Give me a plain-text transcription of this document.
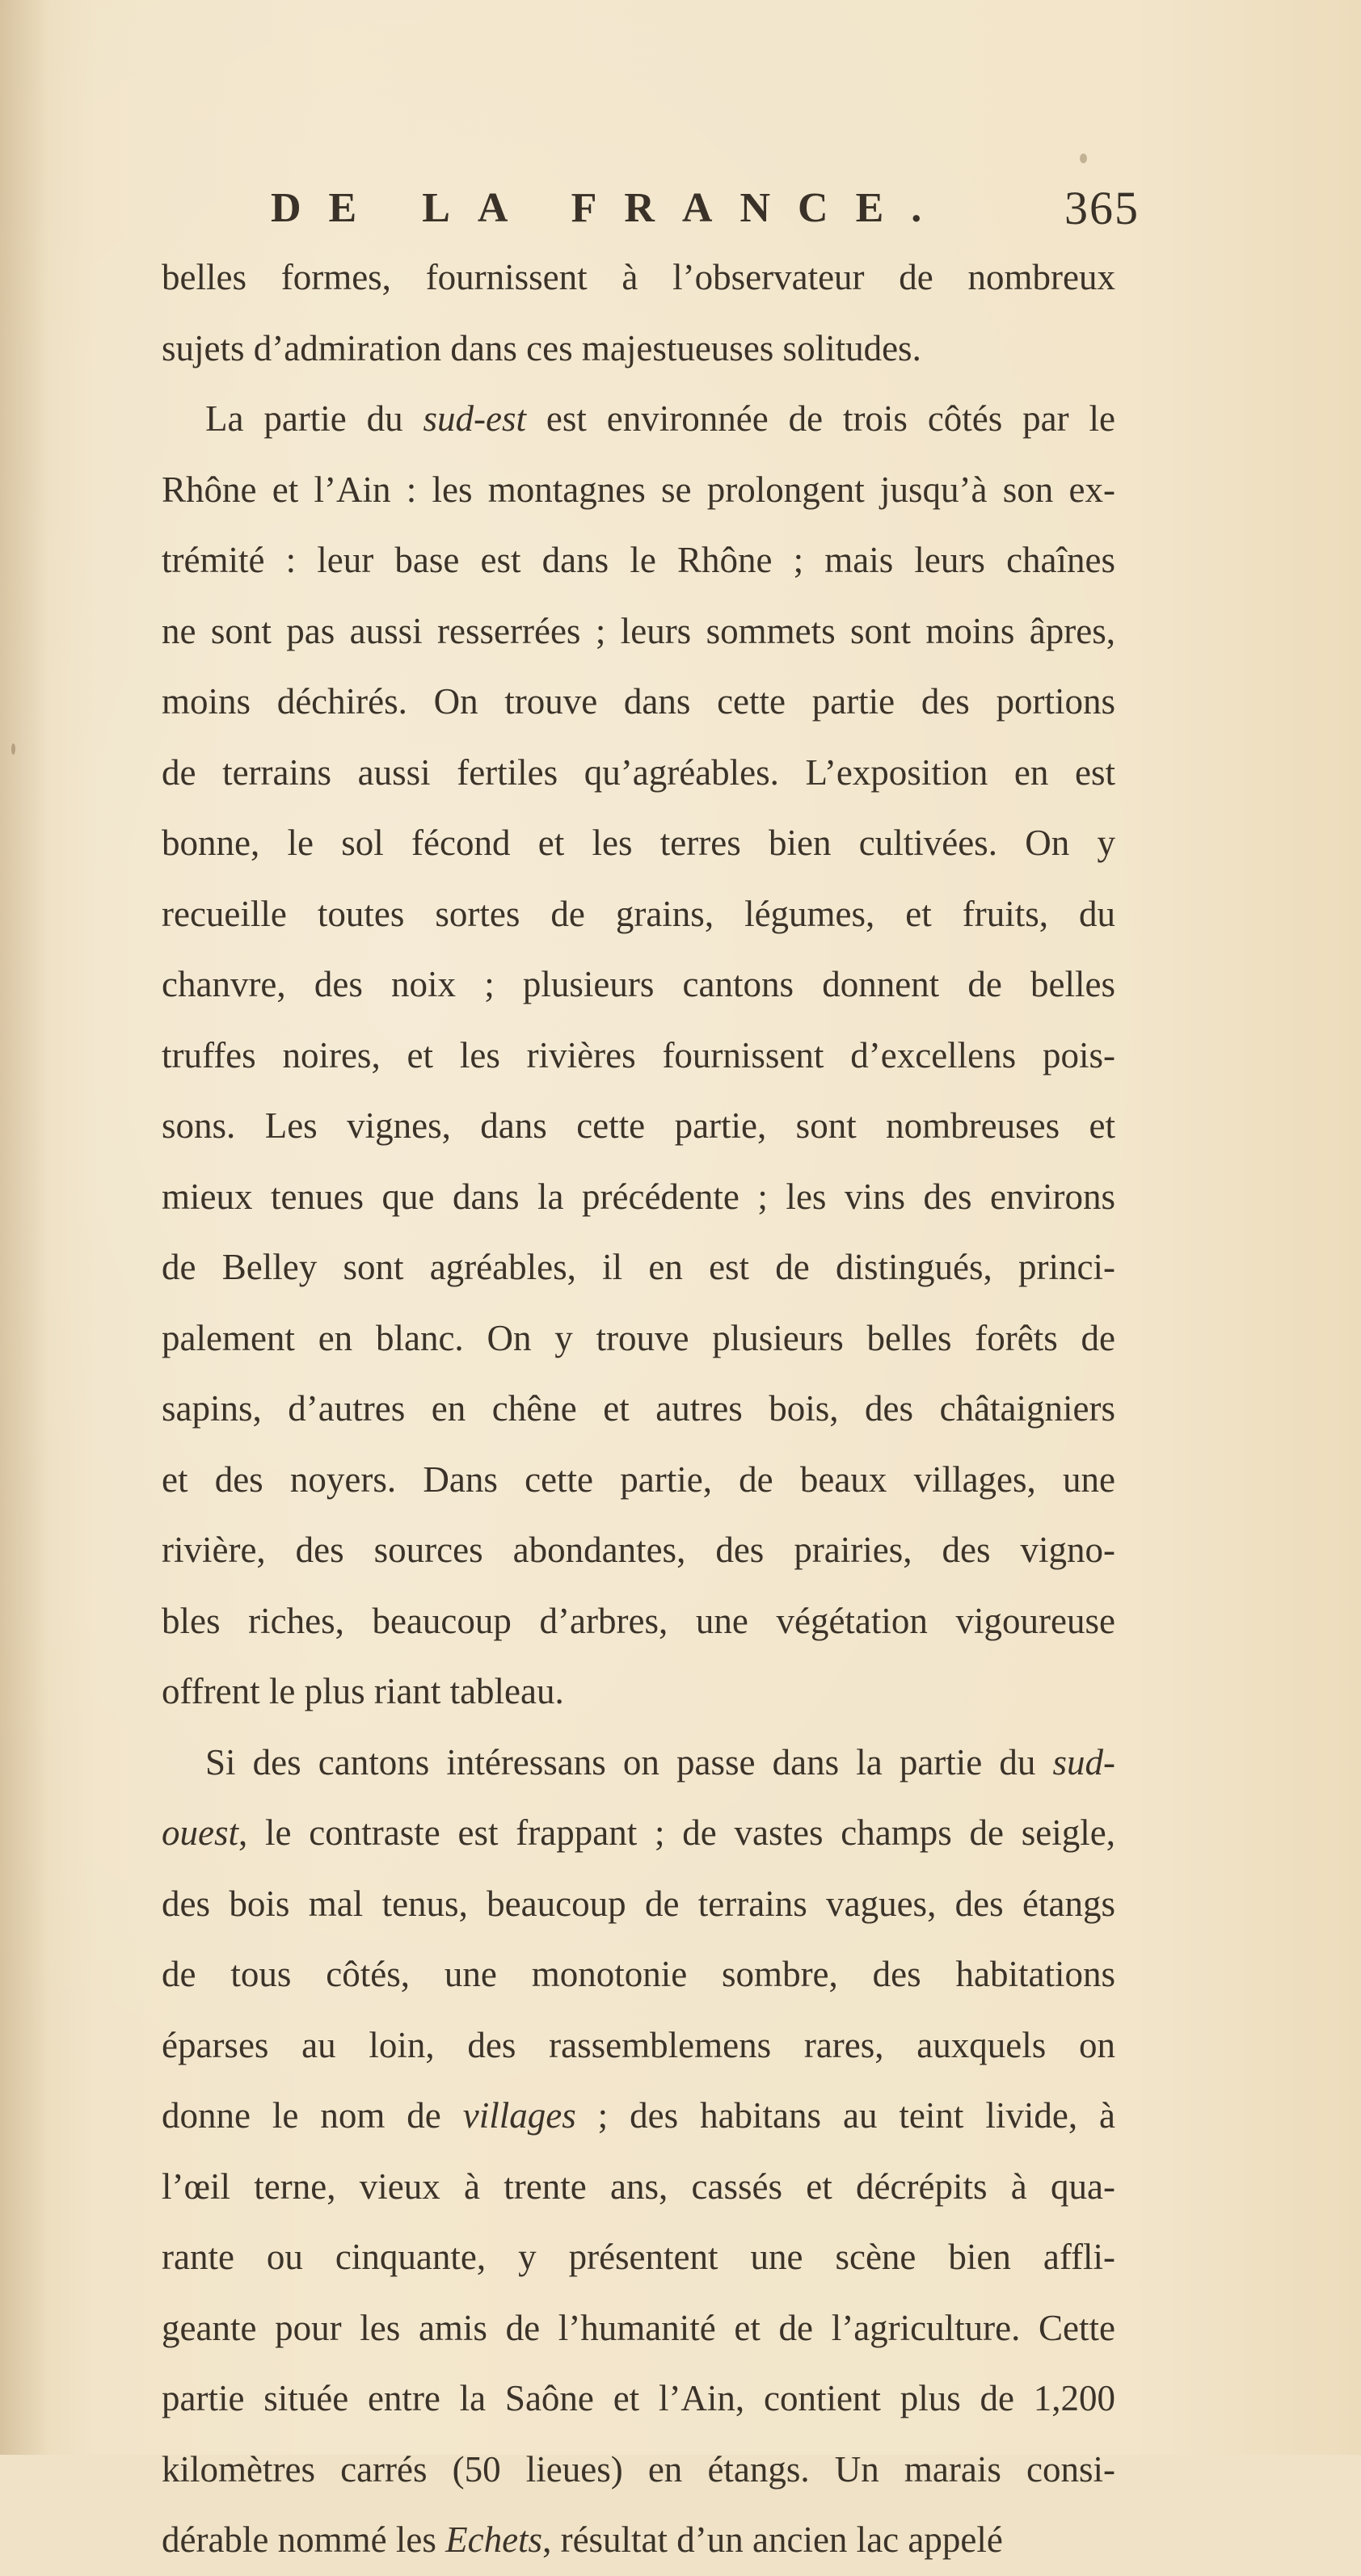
DE LA FRANCE. 365
belles formes, fournissent à l’observateur de nombreux
sujets d’admiration dans ces majestueuses solitudes.
La partie du sud-est est environnée de trois côtés par le
Rhône et l’Ain : les montagnes se prolongent jusqu’à son ex-
trémité : leur base est dans le Rhône ; mais leurs chaînes
ne sont pas aussi resserrées ; leurs sommets sont moins âpres,
moins déchirés. On trouve dans cette partie des portions
de terrains aussi fertiles qu’agréables. L’exposition en est
bonne, le sol fécond et les terres bien cultivées. On y
recueille toutes sortes de grains, légumes, et fruits, du
chanvre, des noix ; plusieurs cantons donnent de belles
truffes noires, et les rivières fournissent d’excellens pois-
sons. Les vignes, dans cette partie, sont nombreuses et
mieux tenues que dans la précédente ; les vins des environs
de Belley sont agréables, il en est de distingués, princi-
palement en blanc. On y trouve plusieurs belles forêts de
sapins, d’autres en chêne et autres bois, des châtaigniers
et des noyers. Dans cette partie, de beaux villages, une
rivière, des sources abondantes, des prairies, des vigno-
bles riches, beaucoup d’arbres, une végétation vigoureuse
offrent le plus riant tableau.
Si des cantons intéressans on passe dans la partie du sud-
ouest, le contraste est frappant ; de vastes champs de seigle,
des bois mal tenus, beaucoup de terrains vagues, des étangs
de tous côtés, une monotonie sombre, des habitations
éparses au loin, des rassemblemens rares, auxquels on
donne le nom de villages ; des habitans au teint livide, à
l’œil terne, vieux à trente ans, cassés et décrépits à qua-
rante ou cinquante, y présentent une scène bien affli-
geante pour les amis de l’humanité et de l’agriculture. Cette
partie située entre la Saône et l’Ain, contient plus de 1,200
kilomètres carrés (50 lieues) en étangs. Un marais consi-
dérable nommé les Echets, résultat d’un ancien lac appelé
